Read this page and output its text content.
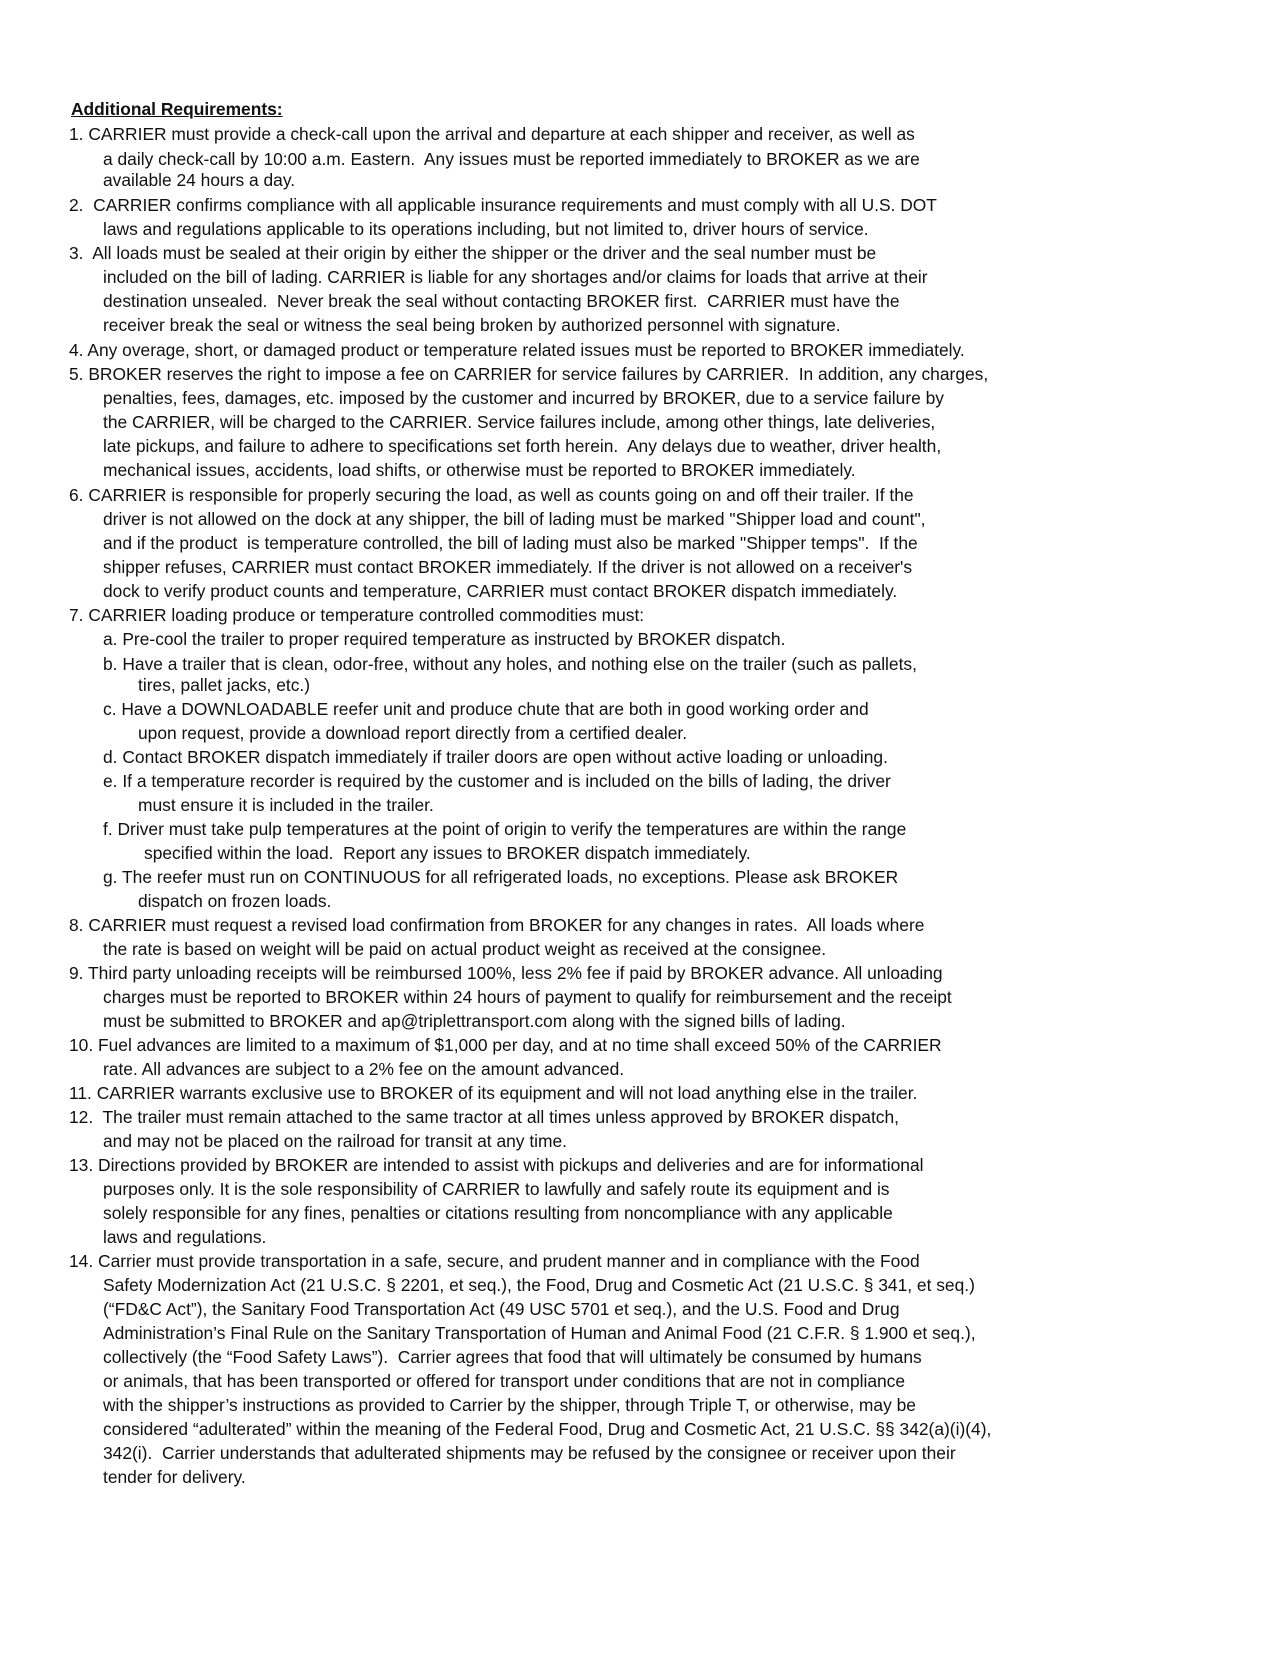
Additional Requirements:
1. CARRIER must provide a check-call upon the arrival and departure at each shipper and receiver, as well as
a daily check-call by 10:00 a.m. Eastern.  Any issues must be reported immediately to BROKER as we are
available 24 hours a day.
2.  CARRIER confirms compliance with all applicable insurance requirements and must comply with all U.S. DOT
laws and regulations applicable to its operations including, but not limited to, driver hours of service.
3.  All loads must be sealed at their origin by either the shipper or the driver and the seal number must be
included on the bill of lading. CARRIER is liable for any shortages and/or claims for loads that arrive at their
destination unsealed.  Never break the seal without contacting BROKER first.  CARRIER must have the
receiver break the seal or witness the seal being broken by authorized personnel with signature.
4. Any overage, short, or damaged product or temperature related issues must be reported to BROKER immediately.
5. BROKER reserves the right to impose a fee on CARRIER for service failures by CARRIER.  In addition, any charges,
penalties, fees, damages, etc. imposed by the customer and incurred by BROKER, due to a service failure by
the CARRIER, will be charged to the CARRIER. Service failures include, among other things, late deliveries,
late pickups, and failure to adhere to specifications set forth herein.  Any delays due to weather, driver health,
mechanical issues, accidents, load shifts, or otherwise must be reported to BROKER immediately.
6. CARRIER is responsible for properly securing the load, as well as counts going on and off their trailer. If the
driver is not allowed on the dock at any shipper, the bill of lading must be marked "Shipper load and count",
and if the product  is temperature controlled, the bill of lading must also be marked "Shipper temps".  If the
shipper refuses, CARRIER must contact BROKER immediately. If the driver is not allowed on a receiver's
dock to verify product counts and temperature, CARRIER must contact BROKER dispatch immediately.
7. CARRIER loading produce or temperature controlled commodities must:
a. Pre-cool the trailer to proper required temperature as instructed by BROKER dispatch.
b. Have a trailer that is clean, odor-free, without any holes, and nothing else on the trailer (such as pallets,
tires, pallet jacks, etc.)
c. Have a DOWNLOADABLE reefer unit and produce chute that are both in good working order and
upon request, provide a download report directly from a certified dealer.
d. Contact BROKER dispatch immediately if trailer doors are open without active loading or unloading.
e. If a temperature recorder is required by the customer and is included on the bills of lading, the driver
must ensure it is included in the trailer.
f. Driver must take pulp temperatures at the point of origin to verify the temperatures are within the range
specified within the load.  Report any issues to BROKER dispatch immediately.
g. The reefer must run on CONTINUOUS for all refrigerated loads, no exceptions. Please ask BROKER
dispatch on frozen loads.
8. CARRIER must request a revised load confirmation from BROKER for any changes in rates.  All loads where
the rate is based on weight will be paid on actual product weight as received at the consignee.
9. Third party unloading receipts will be reimbursed 100%, less 2% fee if paid by BROKER advance. All unloading
charges must be reported to BROKER within 24 hours of payment to qualify for reimbursement and the receipt
must be submitted to BROKER and ap@triplettransport.com along with the signed bills of lading.
10. Fuel advances are limited to a maximum of $1,000 per day, and at no time shall exceed 50% of the CARRIER
rate. All advances are subject to a 2% fee on the amount advanced.
11. CARRIER warrants exclusive use to BROKER of its equipment and will not load anything else in the trailer.
12.  The trailer must remain attached to the same tractor at all times unless approved by BROKER dispatch,
and may not be placed on the railroad for transit at any time.
13. Directions provided by BROKER are intended to assist with pickups and deliveries and are for informational
purposes only. It is the sole responsibility of CARRIER to lawfully and safely route its equipment and is
solely responsible for any fines, penalties or citations resulting from noncompliance with any applicable
laws and regulations.
14. Carrier must provide transportation in a safe, secure, and prudent manner and in compliance with the Food
Safety Modernization Act (21 U.S.C. § 2201, et seq.), the Food, Drug and Cosmetic Act (21 U.S.C. § 341, et seq.)
(“FD&C Act”), the Sanitary Food Transportation Act (49 USC 5701 et seq.), and the U.S. Food and Drug
Administration’s Final Rule on the Sanitary Transportation of Human and Animal Food (21 C.F.R. § 1.900 et seq.),
collectively (the “Food Safety Laws”).  Carrier agrees that food that will ultimately be consumed by humans
or animals, that has been transported or offered for transport under conditions that are not in compliance
with the shipper’s instructions as provided to Carrier by the shipper, through Triple T, or otherwise, may be
considered “adulterated” within the meaning of the Federal Food, Drug and Cosmetic Act, 21 U.S.C. §§ 342(a)(i)(4),
342(i).  Carrier understands that adulterated shipments may be refused by the consignee or receiver upon their
tender for delivery.
